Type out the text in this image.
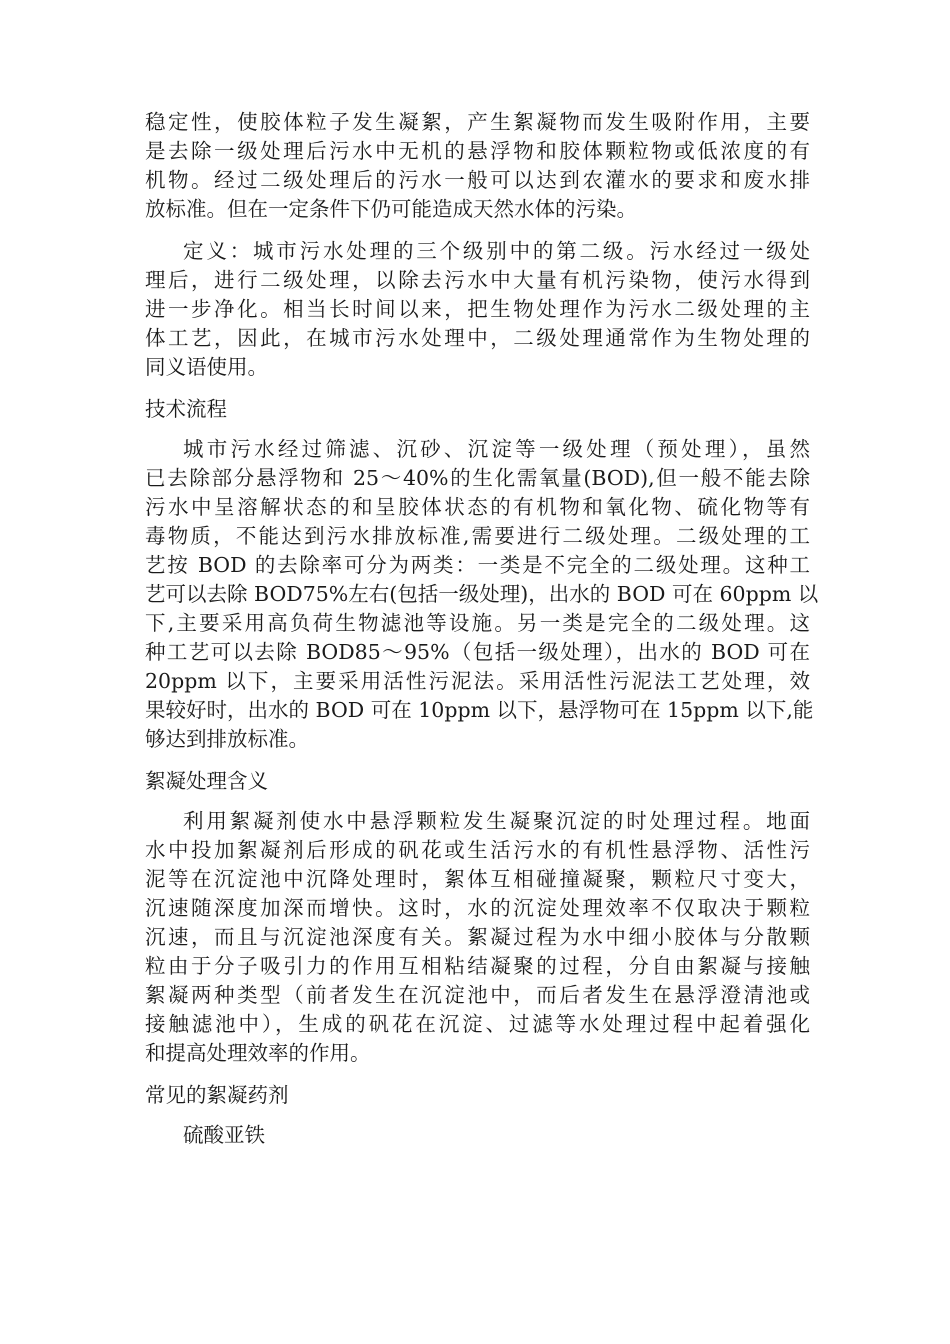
稳定性，使胶体粒子发生凝絮，产生絮凝物而发生吸附作用，主要
是去除一级处理后污水中无机的悬浮物和胶体颗粒物或低浓度的有
机物。经过二级处理后的污水一般可以达到农灌水的要求和废水排
放标准。但在一定条件下仍可能造成天然水体的污染。
定义：城市污水处理的三个级别中的第二级。污水经过一级处
理后，进行二级处理，以除去污水中大量有机污染物，使污水得到
进一步净化。相当长时间以来，把生物处理作为污水二级处理的主
体工艺，因此，在城市污水处理中，二级处理通常作为生物处理的
同义语使用。
技术流程
城市污水经过筛滤、沉砂、沉淀等一级处理（预处理），虽然
已去除部分悬浮物和 25～40%的生化需氧量(BOD),但一般不能去除
污水中呈溶解状态的和呈胶体状态的有机物和氧化物、硫化物等有
毒物质，不能达到污水排放标准,需要进行二级处理。二级处理的工
艺按 BOD 的去除率可分为两类：一类是不完全的二级处理。这种工
艺可以去除 BOD75%左右(包括一级处理)，出水的 BOD 可在 60ppm 以
下,主要采用高负荷生物滤池等设施。另一类是完全的二级处理。这
种工艺可以去除 BOD85～95%（包括一级处理），出水的 BOD 可在
20ppm 以下，主要采用活性污泥法。采用活性污泥法工艺处理，效
果较好时，出水的 BOD 可在 10ppm 以下，悬浮物可在 15ppm 以下,能
够达到排放标准。
絮凝处理含义
利用絮凝剂使水中悬浮颗粒发生凝聚沉淀的时处理过程。地面
水中投加絮凝剂后形成的矾花或生活污水的有机性悬浮物、活性污
泥等在沉淀池中沉降处理时，絮体互相碰撞凝聚，颗粒尺寸变大，
沉速随深度加深而增快。这时，水的沉淀处理效率不仅取决于颗粒
沉速，而且与沉淀池深度有关。絮凝过程为水中细小胶体与分散颗
粒由于分子吸引力的作用互相粘结凝聚的过程，分自由絮凝与接触
絮凝两种类型（前者发生在沉淀池中，而后者发生在悬浮澄清池或
接触滤池中），生成的矾花在沉淀、过滤等水处理过程中起着强化
和提高处理效率的作用。
常见的絮凝药剂
硫酸亚铁
